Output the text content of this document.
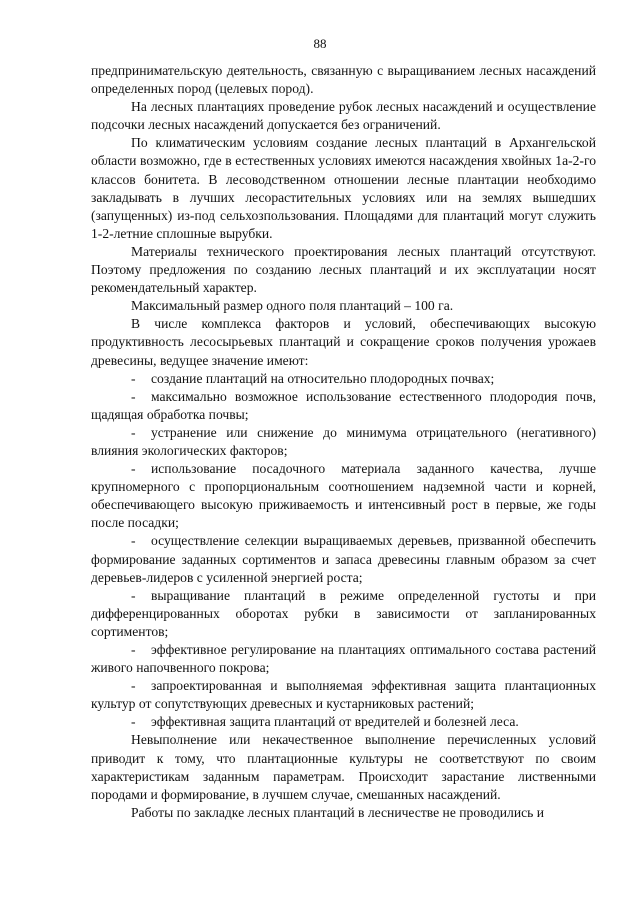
88

предпринимательскую деятельность, связанную с выращиванием лесных насаждений определенных пород (целевых пород).

На лесных плантациях проведение рубок лесных насаждений и осуществление подсочки лесных насаждений допускается без ограничений.

По климатическим условиям создание лесных плантаций в Архангельской области возможно, где в естественных условиях имеются насаждения хвойных 1а-2-го классов бонитета. В лесоводственном отношении лесные плантации необходимо закладывать в лучших лесорастительных условиях или на землях вышедших (запущенных) из-под сельхозпользования. Площадями для плантаций могут служить 1-2-летние сплошные вырубки.

Материалы технического проектирования лесных плантаций отсутствуют. Поэтому предложения по созданию лесных плантаций и их эксплуатации носят рекомендательный характер.

Максимальный размер одного поля плантаций – 100 га.

В числе комплекса факторов и условий, обеспечивающих высокую продуктивность лесосырьевых плантаций и сокращение сроков получения урожаев древесины, ведущее значение имеют:

- создание плантаций на относительно плодородных почвах;

- максимально возможное использование естественного плодородия почв, щадящая обработка почвы;

- устранение или снижение до минимума отрицательного (негативного) влияния экологических факторов;

- использование посадочного материала заданного качества, лучше крупномерного с пропорциональным соотношением надземной части и корней, обеспечивающего высокую приживаемость и интенсивный рост в первые, же годы после посадки;

- осуществление селекции выращиваемых деревьев, призванной обеспечить формирование заданных сортиментов и запаса древесины главным образом за счет деревьев-лидеров с усиленной энергией роста;

- выращивание плантаций в режиме определенной густоты и при дифференцированных оборотах рубки в зависимости от запланированных сортиментов;

- эффективное регулирование на плантациях оптимального состава растений живого напочвенного покрова;

- запроектированная и выполняемая эффективная защита плантационных культур от сопутствующих древесных и кустарниковых растений;

- эффективная защита плантаций от вредителей и болезней леса.

Невыполнение или некачественное выполнение перечисленных условий приводит к тому, что плантационные культуры не соответствуют по своим характеристикам заданным параметрам. Происходит зарастание лиственными породами и формирование, в лучшем случае, смешанных насаждений.

Работы по закладке лесных плантаций в лесничестве не проводились и
